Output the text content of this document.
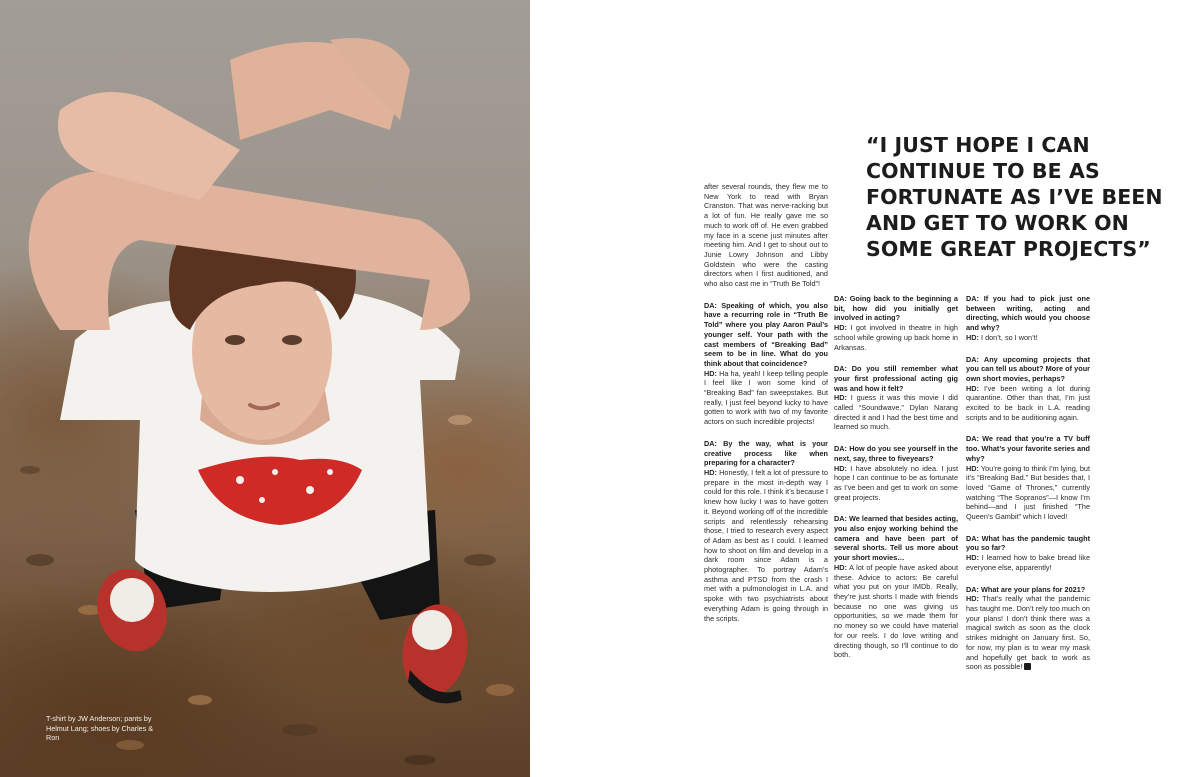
T-shirt by JW Anderson; pants by Helmut Lang; shoes by Charles & Ron
“I JUST HOPE I CAN CONTINUE TO BE AS FORTUNATE AS I’VE BEEN AND GET TO WORK ON SOME GREAT PROJECTS”
after several rounds, they flew me to New York to read with Bryan Cranston. That was nerve-racking but a lot of fun. He really gave me so much to work off of. He even grabbed my face in a scene just minutes after meeting him. And I get to shout out to Junie Lowry Johnson and Libby Goldstein who were the casting directors when I first auditioned, and who also cast me in “Truth Be Told”!
DA: Speaking of which, you also have a recurring role in “Truth Be Told” where you play Aaron Paul’s younger self. Your path with the cast members of “Breaking Bad” seem to be in line. What do you think about that coincidence?
HD: Ha ha, yeah! I keep telling people I feel like I won some kind of “Breaking Bad” fan sweepstakes. But really, I just feel beyond lucky to have gotten to work with two of my favorite actors on such incredible projects!
DA: By the way, what is your creative process like when preparing for a character?
HD: Honestly, I felt a lot of pressure to prepare in the most in-depth way I could for this role. I think it’s because I knew how lucky I was to have gotten it. Beyond working off of the incredible scripts and relentlessly rehearsing those, I tried to research every aspect of Adam as best as I could. I learned how to shoot on film and develop in a dark room since Adam is a photographer. To portray Adam’s asthma and PTSD from the crash I met with a pulmonologist in L.A. and spoke with two psychiatrists about everything Adam is going through in the scripts.
DA: Going back to the beginning a bit, how did you initially get involved in acting?
HD: I got involved in theatre in high school while growing up back home in Arkansas.
DA: Do you still remember what your first professional acting gig was and how it felt?
HD: I guess it was this movie I did called “Soundwave.” Dylan Narang directed it and I had the best time and learned so much.
DA: How do you see yourself in the next, say, three to fiveyears?
HD: I have absolutely no idea. I just hope I can continue to be as fortunate as I’ve been and get to work on some great projects.
DA: We learned that besides acting, you also enjoy working behind the camera and have been part of several shorts. Tell us more about your short movies…
HD: A lot of people have asked about these. Advice to actors: Be careful what you put on your IMDb. Really, they’re just shorts I made with friends because no one was giving us opportunities, so we made them for no money so we could have material for our reels. I do love writing and directing though, so I’ll continue to do both.
DA: If you had to pick just one between writing, acting and directing, which would you choose and why?
HD: I don’t, so I won’t!
DA: Any upcoming projects that you can tell us about? More of your own short movies, perhaps?
HD: I’ve been writing a lot during quarantine. Other than that, I’m just excited to be back in L.A. reading scripts and to be auditioning again.
DA: We read that you’re a TV buff too. What’s your favorite series and why?
HD: You’re going to think I’m lying, but it’s “Breaking Bad.” But besides that, I loved “Game of Thrones,” currently watching “The Sopranos”—I know I’m behind—and I just finished “The Queen’s Gambit” which I loved!
DA: What has the pandemic taught you so far?
HD: I learned how to bake bread like everyone else, apparently!
DA: What are your plans for 2021?
HD: That’s really what the pandemic has taught me. Don’t rely too much on your plans! I don’t think there was a magical switch as soon as the clock strikes midnight on January first. So, for now, my plan is to wear my mask and hopefully get back to work as soon as possible!
